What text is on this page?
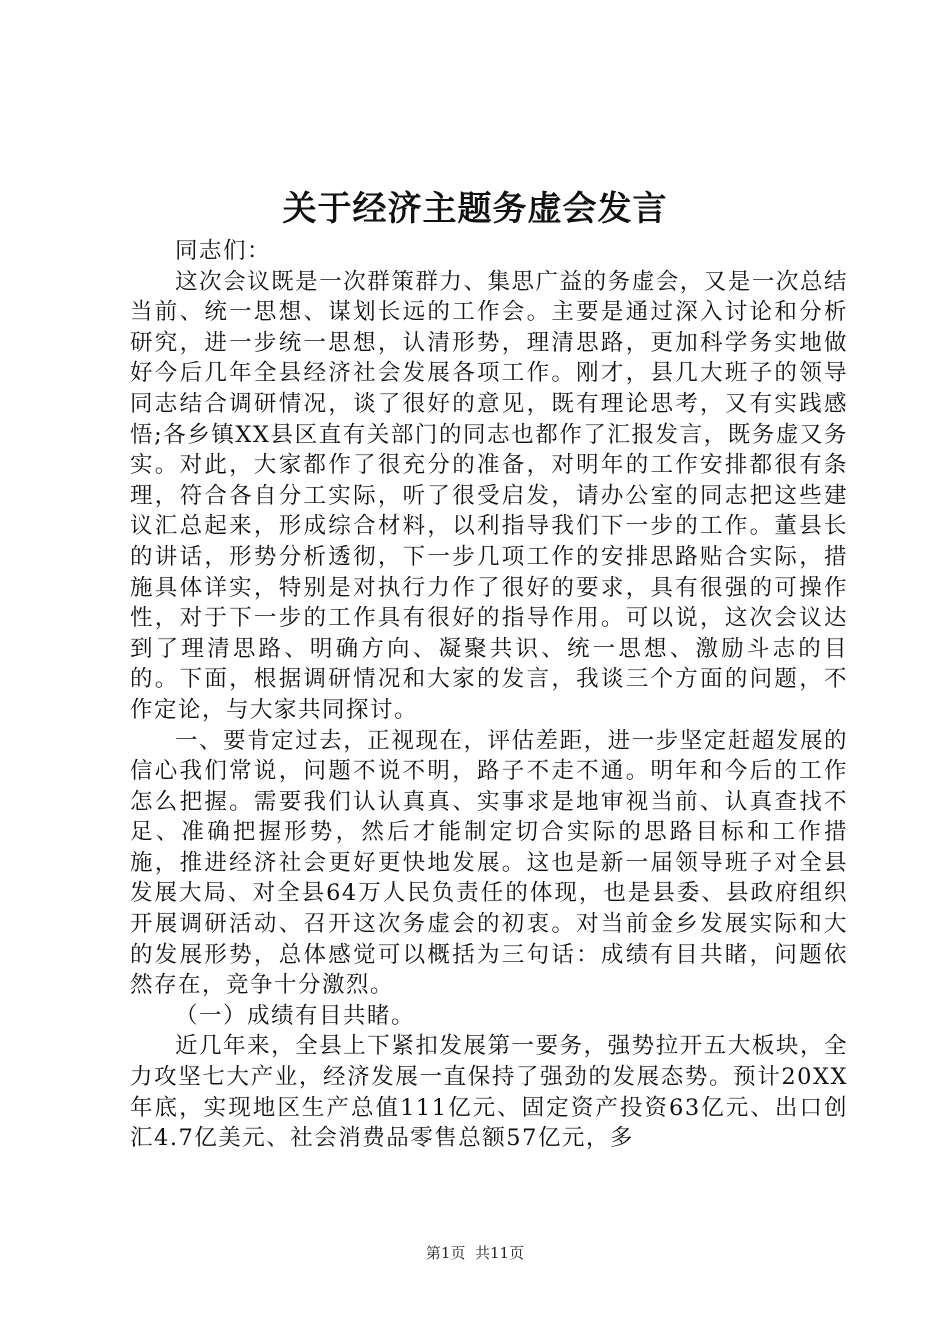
关于经济主题务虚会发言

同志们：

这次会议既是一次群策群力、集思广益的务虚会，又是一次总结当前、统一思想、谋划长远的工作会。主要是通过深入讨论和分析研究，进一步统一思想，认清形势，理清思路，更加科学务实地做好今后几年全县经济社会发展各项工作。刚才，县几大班子的领导同志结合调研情况，谈了很好的意见，既有理论思考，又有实践感悟;各乡镇XX县区直有关部门的同志也都作了汇报发言，既务虚又务实。对此，大家都作了很充分的准备，对明年的工作安排都很有条理，符合各自分工实际，听了很受启发，请办公室的同志把这些建议汇总起来，形成综合材料，以利指导我们下一步的工作。董县长的讲话，形势分析透彻，下一步几项工作的安排思路贴合实际，措施具体详实，特别是对执行力作了很好的要求，具有很强的可操作性，对于下一步的工作具有很好的指导作用。可以说，这次会议达到了理清思路、明确方向、凝聚共识、统一思想、激励斗志的目的。下面，根据调研情况和大家的发言，我谈三个方面的问题，不作定论，与大家共同探讨。

一、要肯定过去，正视现在，评估差距，进一步坚定赶超发展的信心我们常说，问题不说不明，路子不走不通。明年和今后的工作怎么把握。需要我们认认真真、实事求是地审视当前、认真查找不足、准确把握形势，然后才能制定切合实际的思路目标和工作措施，推进经济社会更好更快地发展。这也是新一届领导班子对全县发展大局、对全县64万人民负责任的体现，也是县委、县政府组织开展调研活动、召开这次务虚会的初衷。对当前金乡发展实际和大的发展形势，总体感觉可以概括为三句话：成绩有目共睹，问题依然存在，竞争十分激烈。

（一）成绩有目共睹。

近几年来，全县上下紧扣发展第一要务，强势拉开五大板块，全力攻坚七大产业，经济发展一直保持了强劲的发展态势。预计20XX年底，实现地区生产总值111亿元、固定资产投资63亿元、出口创汇4.7亿美元、社会消费品零售总额57亿元，多

第1页 共11页
